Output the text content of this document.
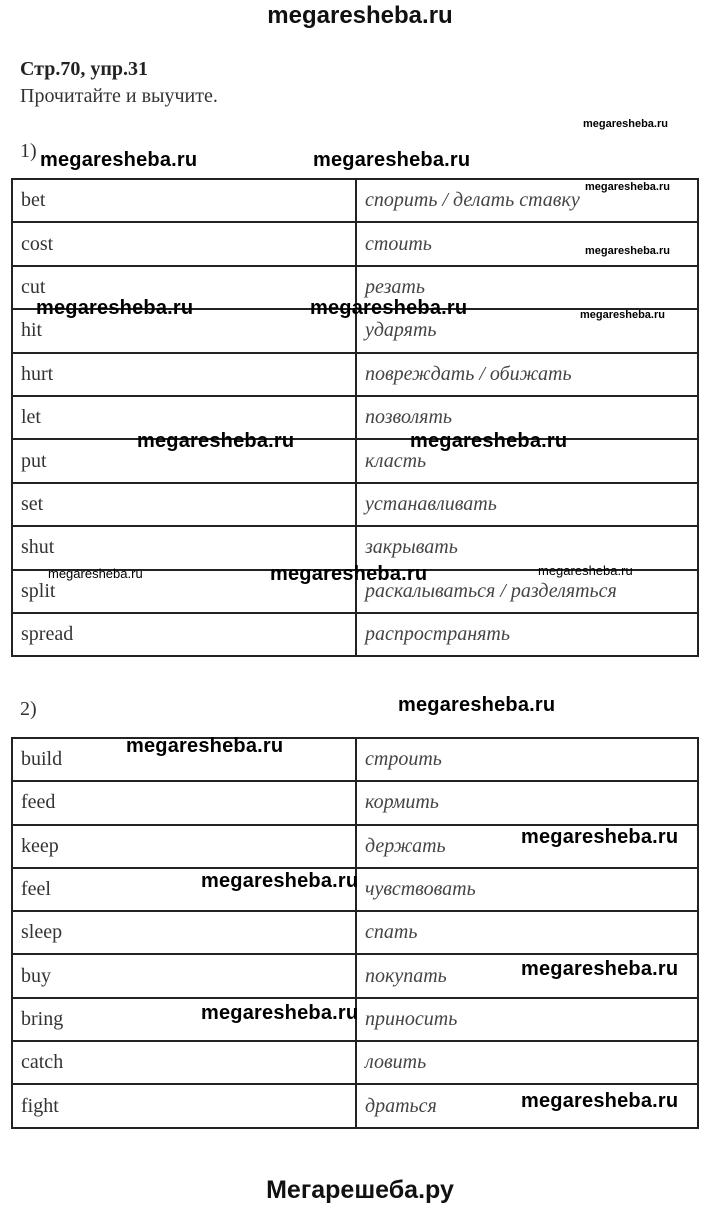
megaresheba.ru
Стр.70, упр.31
Прочитайте и выучите.
1)
bet	спорить / делать ставку
cost	стоить
cut	резать
hit	ударять
hurt	повреждать / обижать
let	позволять
put	класть
set	устанавливать
shut	закрывать
split	раскалываться / разделяться
spread	распространять
2)
build	строить
feed	кормить
keep	держать
feel	чувствовать
sleep	спать
buy	покупать
bring	приносить
catch	ловить
fight	драться
megaresheba.ru
megaresheba.ru	megaresheba.ru
megaresheba.ru
megaresheba.ru
megaresheba.ru	megaresheba.ru	megaresheba.ru
megaresheba.ru	megaresheba.ru
megaresheba.ru	megaresheba.ru	megaresheba.ru
megaresheba.ru
megaresheba.ru
megaresheba.ru
megaresheba.ru
megaresheba.ru
megaresheba.ru
megaresheba.ru
Мегарешеба.ру
